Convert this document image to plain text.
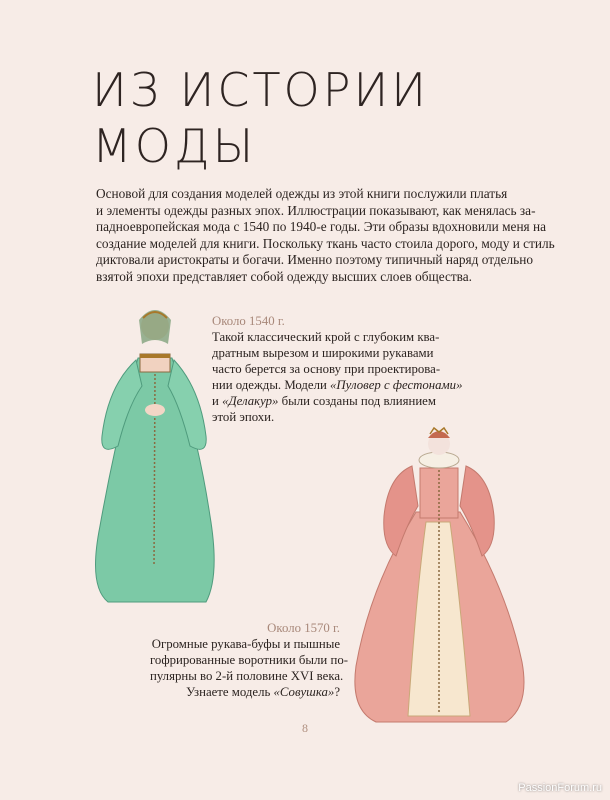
ИЗ ИСТОРИИ
МОДЫ
Основой для создания моделей одежды из этой книги послужили платья
и элементы одежды разных эпох. Иллюстрации показывают, как менялась за-
падноевропейская мода с 1540 по 1940-е годы. Эти образы вдохновили меня на
создание моделей для книги. Поскольку ткань часто стоила дорого, моду и стиль
диктовали аристократы и богачи. Именно поэтому типичный наряд отдельно
взятой эпохи представляет собой одежду высших слоев общества.
Около 1540 г.
Такой классический крой с глубоким ква-
дратным вырезом и широкими рукавами
часто берется за основу при проектирова-
нии одежды. Модели «Пуловер с фестонами»
и «Делакур» были созданы под влиянием
этой эпохи.
Около 1570 г.
Огромные рукава-буфы и пышные
гофрированные воротники были по-
пулярны во 2-й половине XVI века.
Узнаете модель «Совушка»?
8
PassionForum.ru
